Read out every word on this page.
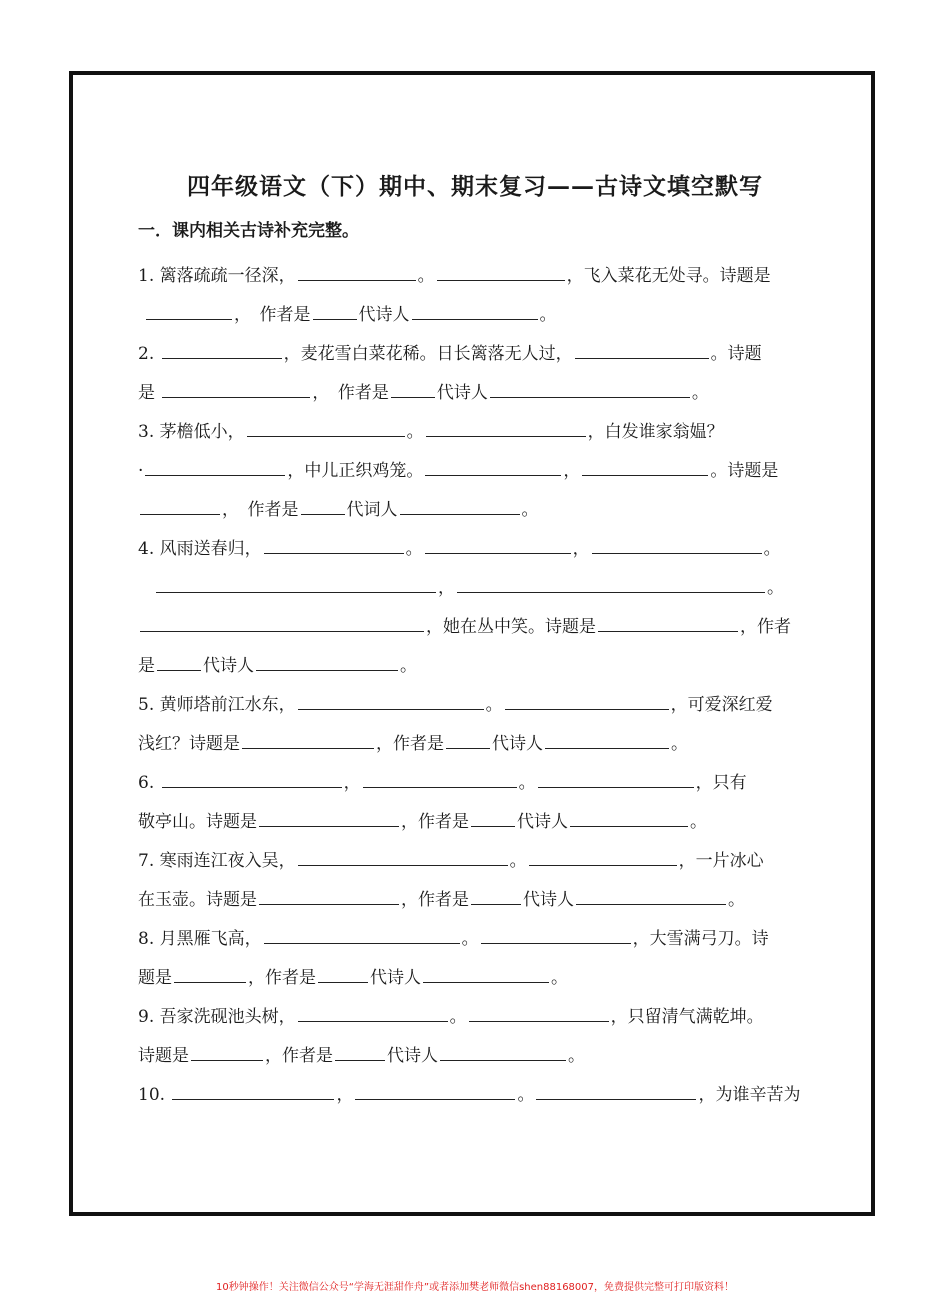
四年级语文（下）期中、期末复习——古诗文填空默写
一．课内相关古诗补充完整。
1. 篱落疏疏一径深，	。	，飞入菜花无处寻。诗题是
，　作者是	代诗人	。
2.	，麦花雪白菜花稀。日长篱落无人过，	。诗题
是	，　作者是	代诗人	。
3. 茅檐低小，	。	，白发谁家翁媪？
·	，中儿正织鸡笼。	，	。诗题是
，　作者是	代词人	。
4. 风雨送春归，	。	，	。
，	。
，她在丛中笑。诗题是	，作者
是	代诗人	。
5. 黄师塔前江水东，	。	，可爱深红爱
浅红？诗题是	，作者是	代诗人	。
6.	，	。	，只有
敬亭山。诗题是	，作者是	代诗人	。
7. 寒雨连江夜入吴，	。	，一片冰心
在玉壶。诗题是	，作者是	代诗人	。
8. 月黑雁飞高，	。	，大雪满弓刀。诗
题是	，作者是	代诗人	。
9. 吾家洗砚池头树，	。	，只留清气满乾坤。
诗题是	，作者是	代诗人	。
10.	，	。	，为谁辛苦为
10秒钟操作！关注微信公众号“学海无涯甜作舟”或者添加樊老师微信shen88168007，免费提供完整可打印版资料！
